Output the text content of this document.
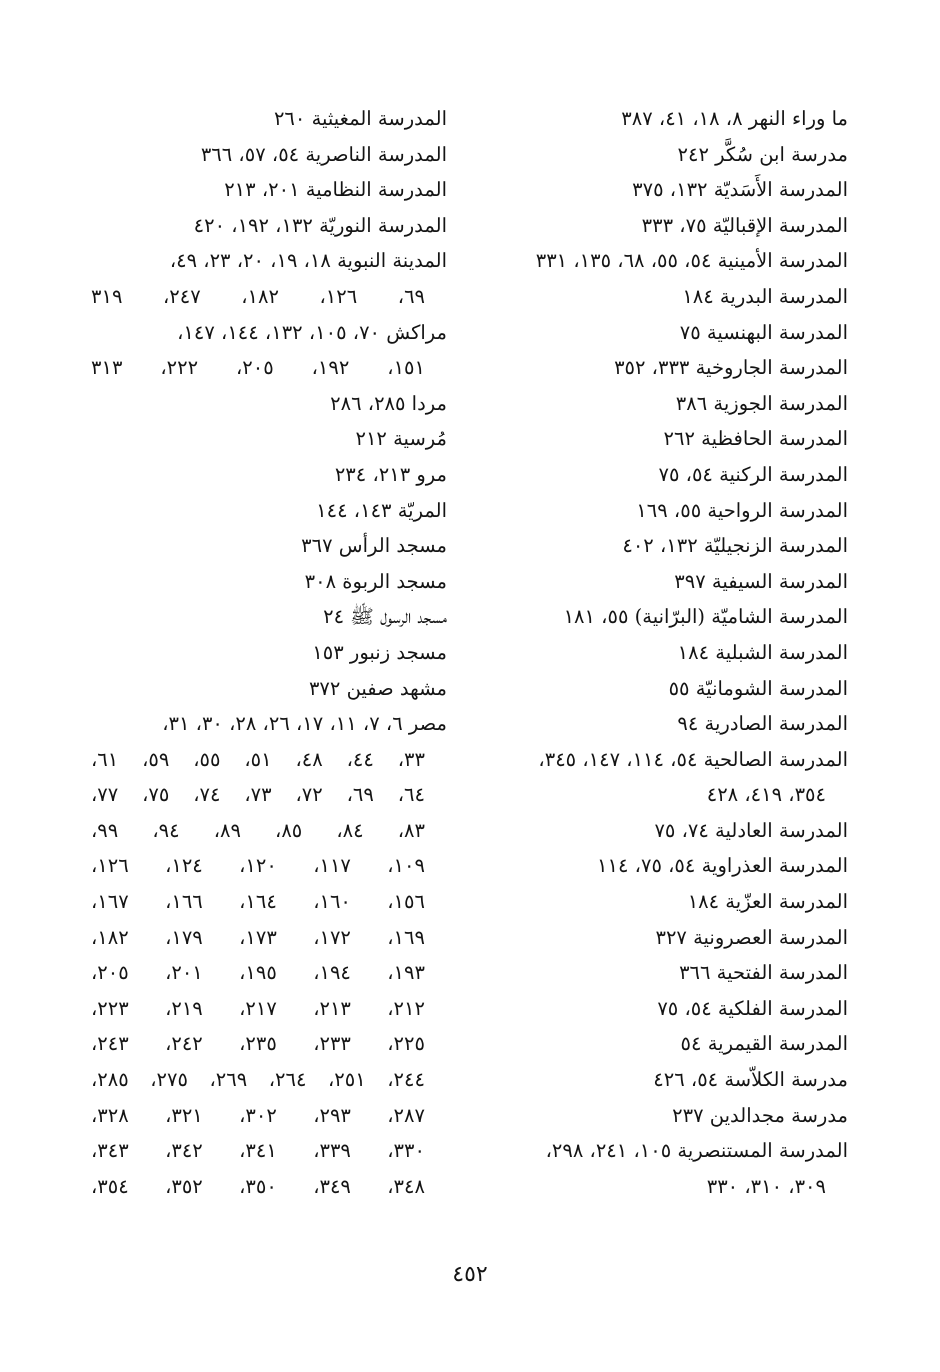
ما وراء النهر ٨، ١٨، ٤١، ٣٨٧
مدرسة ابن سُكَّر ٢٤٢
المدرسة الأَسَديّة ١٣٢، ٣٧٥
المدرسة الإقباليّة ٧٥، ٣٣٣
المدرسة الأمينية ٥٤، ٥٥، ٦٨، ١٣٥، ٣٣١
المدرسة البدرية ١٨٤
المدرسة البهنسية ٧٥
المدرسة الجاروخية ٣٣٣، ٣٥٢
المدرسة الجوزية ٣٨٦
المدرسة الحافظية ٢٦٢
المدرسة الركنية ٥٤، ٧٥
المدرسة الرواحية ٥٥، ١٦٩
المدرسة الزنجيليّة ١٣٢، ٤٠٢
المدرسة السيفية ٣٩٧
المدرسة الشاميّة (البرّانية) ٥٥، ١٨١
المدرسة الشبلية ١٨٤
المدرسة الشومانيّة ٥٥
المدرسة الصادرية ٩٤
المدرسة الصالحية ٥٤، ١١٤، ١٤٧، ٣٤٥،
٣٥٤، ٤١٩، ٤٢٨
المدرسة العادلية ٧٤، ٧٥
المدرسة العذراوية ٥٤، ٧٥، ١١٤
المدرسة العزّية ١٨٤
المدرسة العصرونية ٣٢٧
المدرسة الفتحية ٣٦٦
المدرسة الفلكية ٥٤، ٧٥
المدرسة القيمرية ٥٤
مدرسة الكلاّسة ٥٤، ٤٢٦
مدرسة مجدالدين ٢٣٧
المدرسة المستنصرية ١٠٥، ٢٤١، ٢٩٨،
٣٠٩، ٣١٠، ٣٣٠
المدرسة المغيثية ٢٦٠
المدرسة الناصرية ٥٤، ٥٧، ٣٦٦
المدرسة النظامية ٢٠١، ٢١٣
المدرسة النوريّة ١٣٢، ١٩٢، ٤٢٠
المدينة النبوية ١٨، ١٩، ٢٠، ٢٣، ٤٩،
٦٩، ١٢٦، ١٨٢، ٢٤٧، ٣١٩
مراكش ٧٠، ١٠٥، ١٣٢، ١٤٤، ١٤٧،
١٥١، ١٩٢، ٢٠٥، ٢٢٢، ٣١٣
مردا ٢٨٥، ٢٨٦
مُرسية ٢١٢
مرو ٢١٣، ٢٣٤
المريّة ١٤٣، ١٤٤
مسجد الرأس ٣٦٧
مسجد الربوة ٣٠٨
مسجد الرسول ﷺ ٢٤
مسجد زنبور ١٥٣
مشهد صفين ٣٧٢
مصر ٦، ٧، ١١، ١٧، ٢٦، ٢٨، ٣٠، ٣١،
٣٣، ٤٤، ٤٨، ٥١، ٥٥، ٥٩، ٦١،
٦٤، ٦٩، ٧٢، ٧٣، ٧٤، ٧٥، ٧٧،
٨٣، ٨٤، ٨٥، ٨٩، ٩٤، ٩٩،
١٠٩، ١١٧، ١٢٠، ١٢٤، ١٢٦،
١٥٦، ١٦٠، ١٦٤، ١٦٦، ١٦٧،
١٦٩، ١٧٢، ١٧٣، ١٧٩، ١٨٢،
١٩٣، ١٩٤، ١٩٥، ٢٠١، ٢٠٥،
٢١٢، ٢١٣، ٢١٧، ٢١٩، ٢٢٣،
٢٢٥، ٢٣٣، ٢٣٥، ٢٤٢، ٢٤٣،
٢٤٤، ٢٥١، ٢٦٤، ٢٦٩، ٢٧٥، ٢٨٥،
٢٨٧، ٢٩٣، ٣٠٢، ٣٢١، ٣٢٨،
٣٣٠، ٣٣٩، ٣٤١، ٣٤٢، ٣٤٣،
٣٤٨، ٣٤٩، ٣٥٠، ٣٥٢، ٣٥٤،
٤٥٢
